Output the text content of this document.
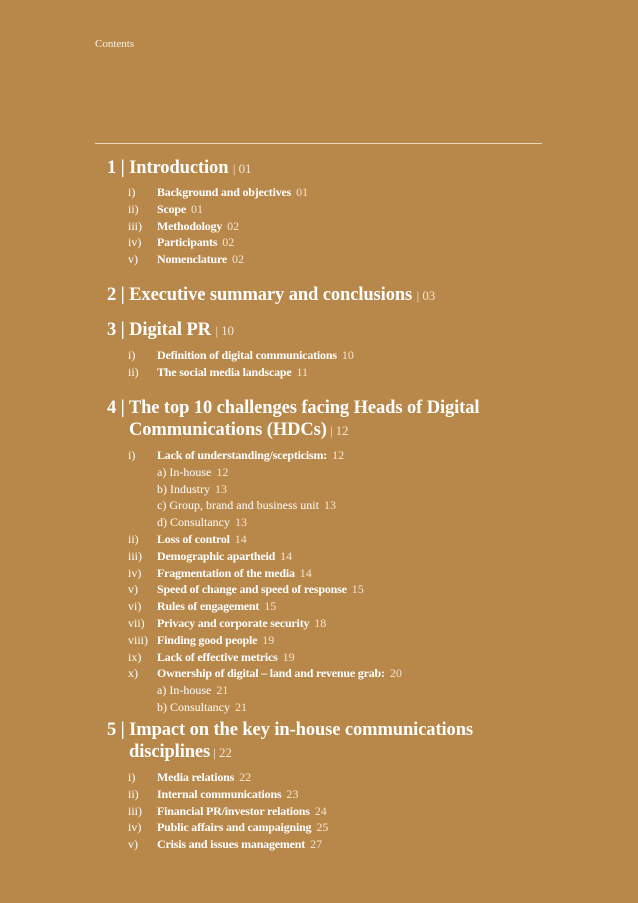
Contents
1 | Introduction | 01
i)	Background and objectives 01
ii)	Scope 01
iii)	Methodology 02
iv)	Participants 02
v)	Nomenclature 02
2 | Executive summary and conclusions | 03
3 | Digital PR | 10
i)	Definition of digital communications 10
ii)	The social media landscape 11
4 | The top 10 challenges facing Heads of Digital
Communications (HDCs) | 12
i)	Lack of understanding/scepticism: 12
a) In-house 12
b) Industry 13
c) Group, brand and business unit 13
d) Consultancy 13
ii)	Loss of control 14
iii)	Demographic apartheid 14
iv)	Fragmentation of the media 14
v)	Speed of change and speed of response 15
vi)	Rules of engagement 15
vii)	Privacy and corporate security 18
viii) Finding good people 19
ix)	Lack of effective metrics 19
x)	Ownership of digital – land and revenue grab: 20
a) In-house 21
b) Consultancy 21
5 | Impact on the key in-house communications
disciplines | 22
i)	Media relations 22
ii)	Internal communications 23
iii)	Financial PR/investor relations 24
iv)	Public affairs and campaigning 25
v)	Crisis and issues management 27
